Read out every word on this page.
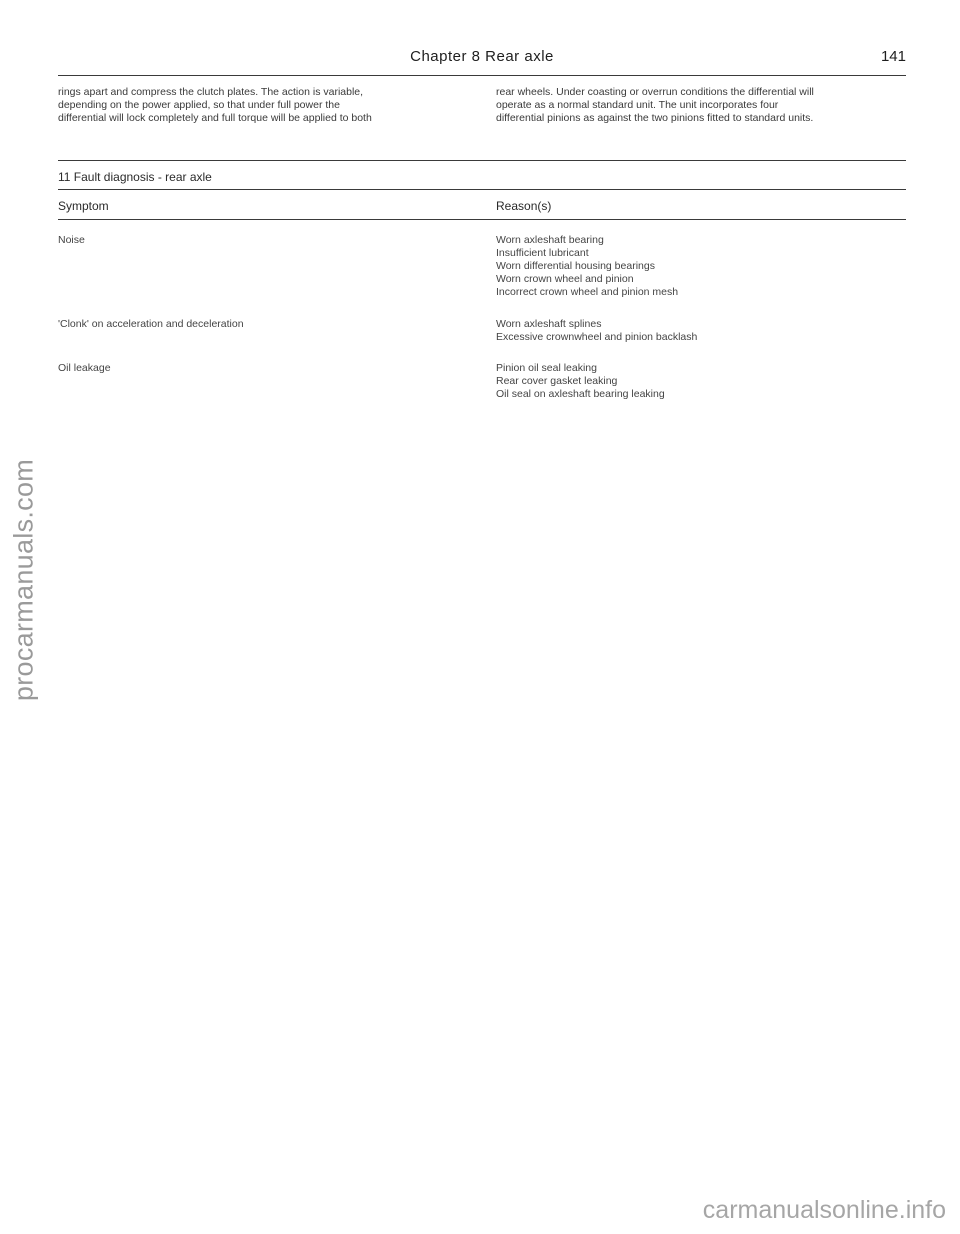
Chapter 8 Rear axle	141
rings apart and compress the clutch plates. The action is variable,
depending on the power applied, so that under full power the
differential will lock completely and full torque will be applied to both
rear wheels. Under coasting or overrun conditions the differential will
operate as a normal standard unit. The unit incorporates four
differential pinions as against the two pinions fitted to standard units.
11 Fault diagnosis - rear axle
Symptom	Reason(s)
Noise	Worn axleshaft bearing
Insufficient lubricant
Worn differential housing bearings
Worn crown wheel and pinion
Incorrect crown wheel and pinion mesh
'Clonk' on acceleration and deceleration	Worn axleshaft splines
Excessive crownwheel and pinion backlash
Oil leakage	Pinion oil seal leaking
Rear cover gasket leaking
Oil seal on axleshaft bearing leaking
procarmanuals.com
carmanualsonline.info
